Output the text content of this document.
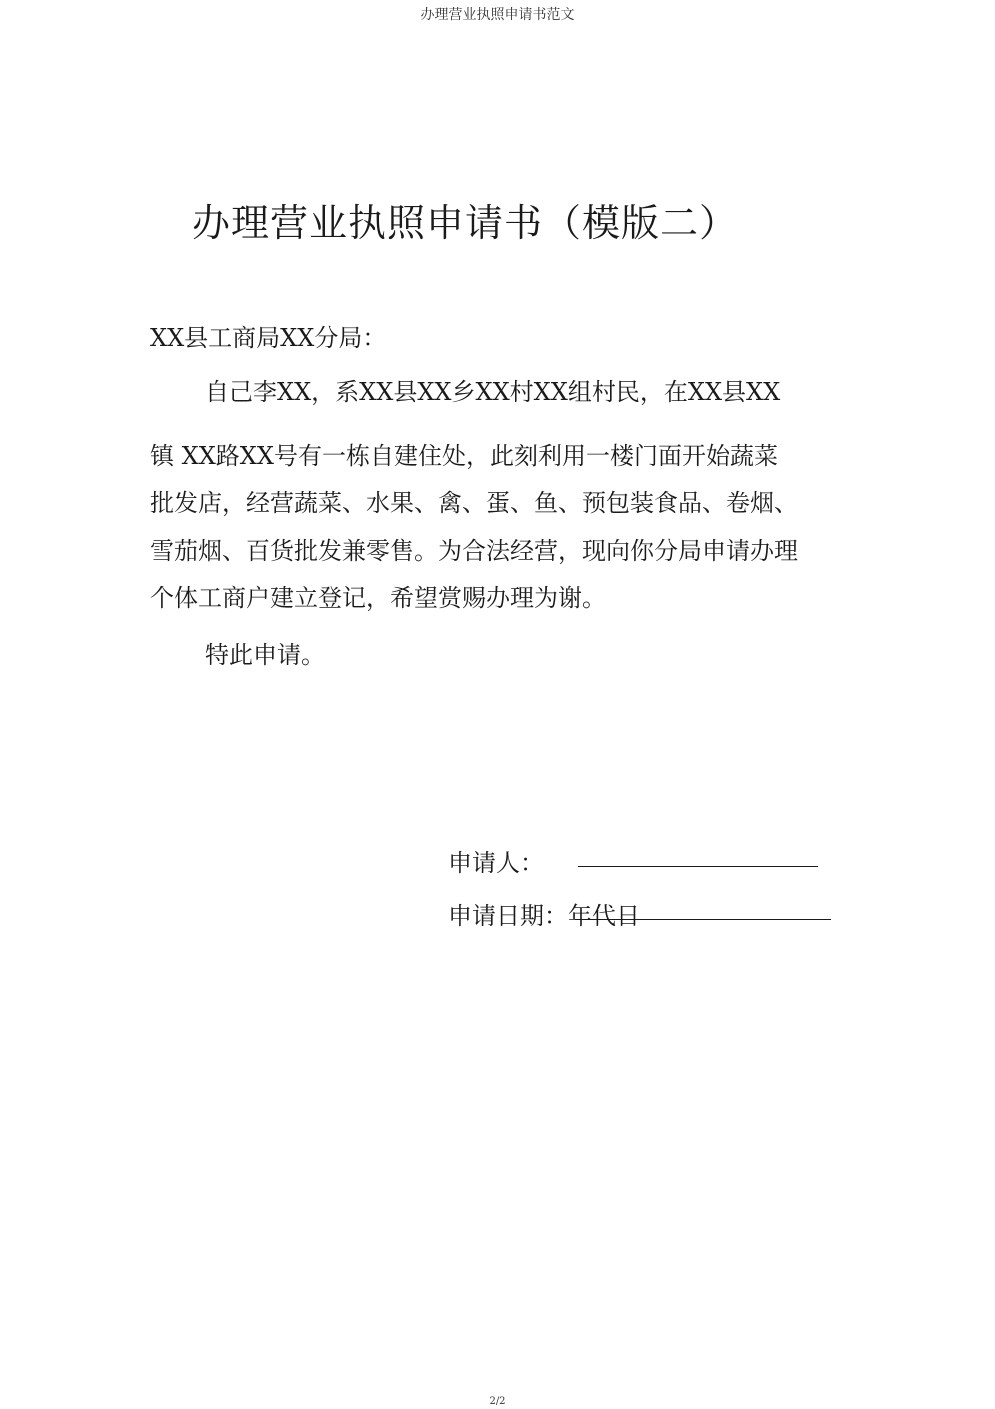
办理营业执照申请书范文
办理营业执照申请书（模版二）

XX县工商局XX分局：

自己李XX，系XX县XX乡XX村XX组村民，在XX县XX

镇 XX路XX号有一栋自建住处，此刻利用一楼门面开始蔬菜

批发店，经营蔬菜、水果、禽、蛋、鱼、预包装食品、卷烟、

雪茄烟、百货批发兼零售。为合法经营，现向你分局申请办理

个体工商户建立登记，希望赏赐办理为谢。

特此申请。

申请人：

申请日期：年代日

2/2
